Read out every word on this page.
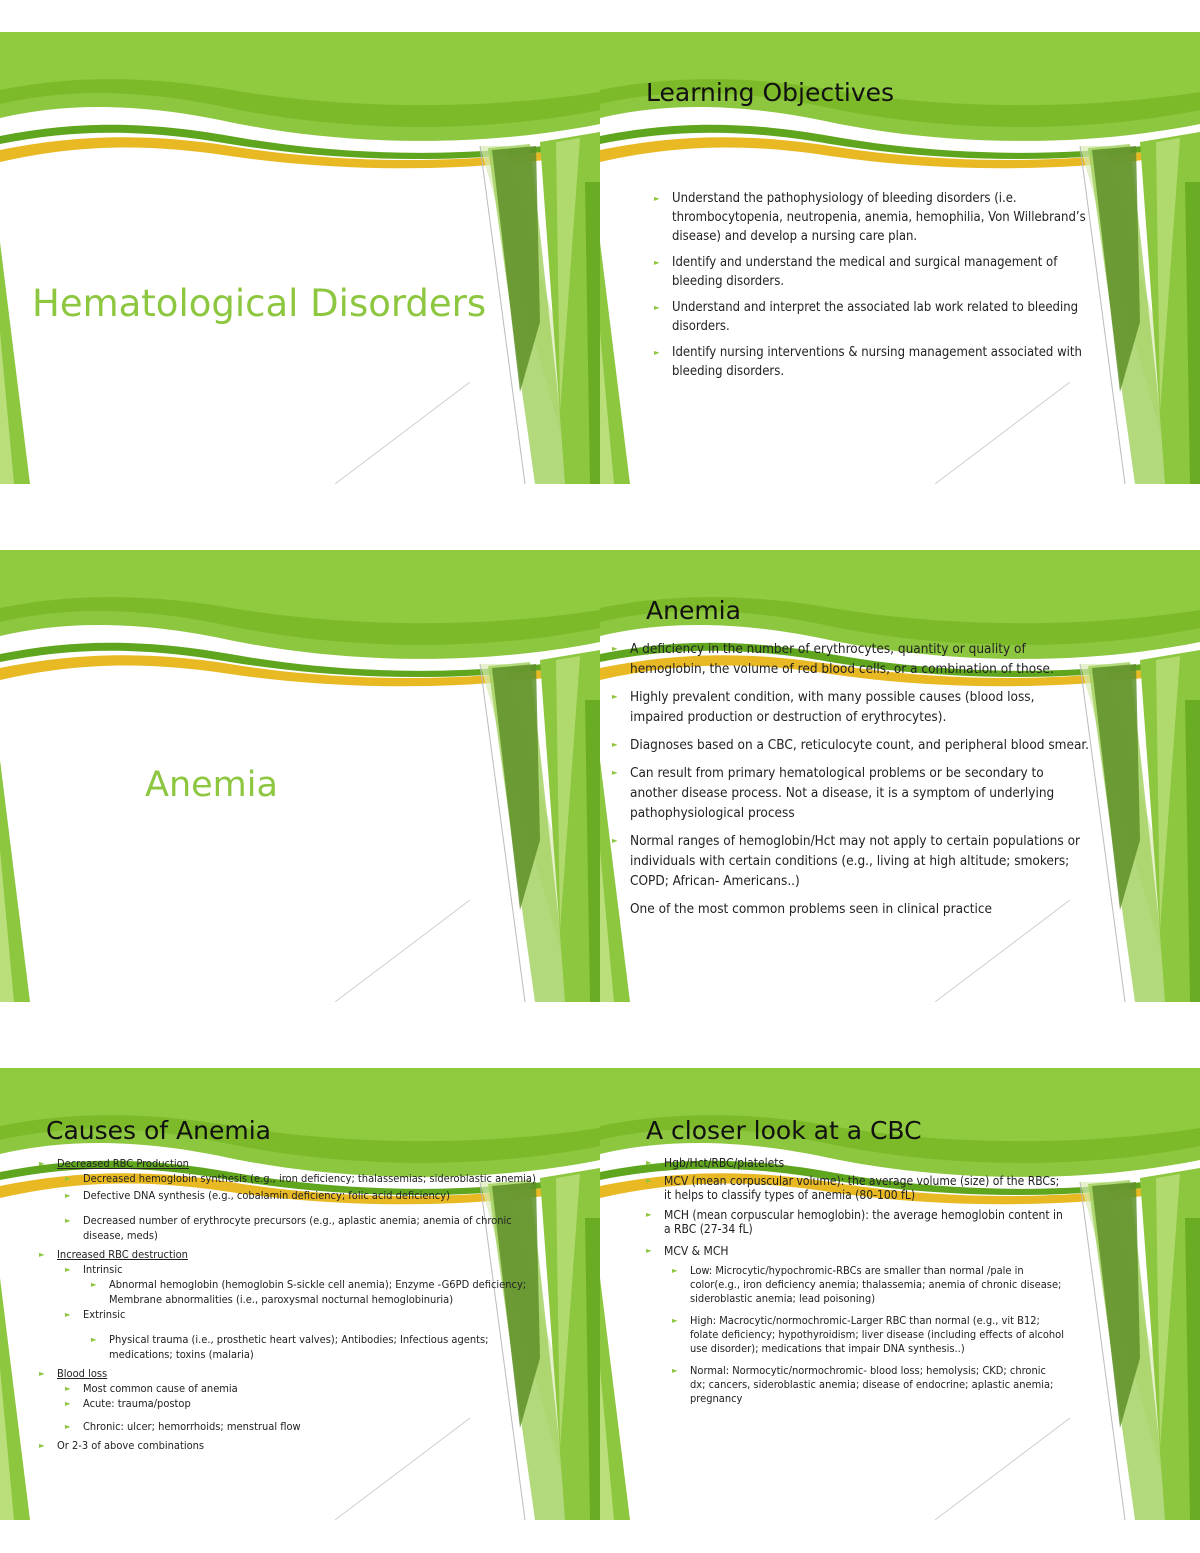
Hematological Disorders
Learning Objectives
► Understand the pathophysiology of bleeding disorders (i.e. thrombocytopenia, neutropenia, anemia, hemophilia, Von Willebrand’s disease) and develop a nursing care plan.
► Identify and understand the medical and surgical management of bleeding disorders.
► Understand and interpret the associated lab work related to bleeding disorders.
► Identify nursing interventions & nursing management associated with bleeding disorders.
Anemia
Anemia
► A deficiency in the number of erythrocytes, quantity or quality of hemoglobin, the volume of red blood cells, or a combination of those.
► Highly prevalent condition, with many possible causes (blood loss, impaired production or destruction of erythrocytes).
► Diagnoses based on a CBC, reticulocyte count, and peripheral blood smear.
► Can result from primary hematological problems or be secondary to another disease process. Not a disease, it is a symptom of underlying pathophysiological process
► Normal ranges of hemoglobin/Hct may not apply to certain populations or individuals with certain conditions (e.g., living at high altitude; smokers; COPD; African- Americans..)
► One of the most common problems seen in clinical practice
Causes of Anemia
► Decreased RBC Production
► Decreased hemoglobin synthesis (e.g., iron deficiency; thalassemias; sideroblastic anemia)
► Defective DNA synthesis (e.g., cobalamin deficiency; folic acid deficiency)
► Decreased number of erythrocyte precursors (e.g., aplastic anemia; anemia of chronic disease, meds)
► Increased RBC destruction
► Intrinsic
► Abnormal hemoglobin (hemoglobin S-sickle cell anemia); Enzyme -G6PD deficiency; Membrane abnormalities (i.e., paroxysmal nocturnal hemoglobinuria)
► Extrinsic
► Physical trauma (i.e., prosthetic heart valves); Antibodies; Infectious agents; medications; toxins (malaria)
► Blood loss
► Most common cause of anemia
► Acute: trauma/postop
► Chronic: ulcer; hemorrhoids; menstrual flow
► Or 2-3 of above combinations
A closer look at a CBC
► Hgb/Hct/RBC/platelets
► MCV (mean corpuscular volume): the average volume (size) of the RBCs; it helps to classify types of anemia (80-100 fL)
► MCH (mean corpuscular hemoglobin): the average hemoglobin content in a RBC (27-34 fL)
► MCV & MCH
► Low: Microcytic/hypochromic-RBCs are smaller than normal /pale in color(e.g., iron deficiency anemia; thalassemia; anemia of chronic disease; sideroblastic anemia; lead poisoning)
► High: Macrocytic/normochromic-Larger RBC than normal (e.g., vit B12; folate deficiency; hypothyroidism; liver disease (including effects of alcohol use disorder); medications that impair DNA synthesis..)
► Normal: Normocytic/normochromic- blood loss; hemolysis; CKD; chronic dx; cancers, sideroblastic anemia; disease of endocrine; aplastic anemia; pregnancy
